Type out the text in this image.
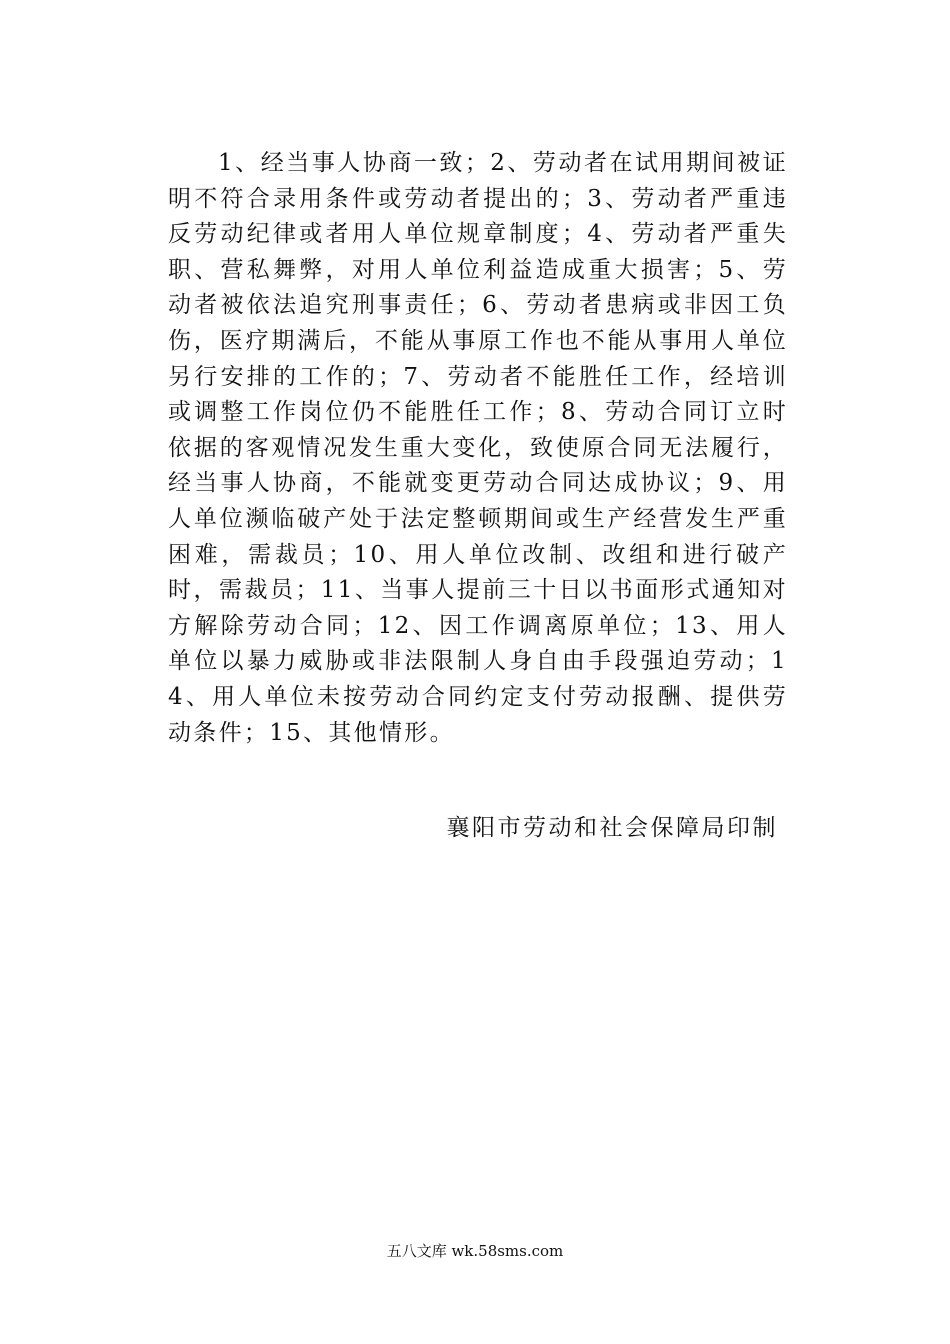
1、经当事人协商一致；2、劳动者在试用期间被证明不符合录用条件或劳动者提出的；3、劳动者严重违反劳动纪律或者用人单位规章制度；4、劳动者严重失职、营私舞弊，对用人单位利益造成重大损害；5、劳动者被依法追究刑事责任；6、劳动者患病或非因工负伤，医疗期满后，不能从事原工作也不能从事用人单位另行安排的工作的；7、劳动者不能胜任工作，经培训或调整工作岗位仍不能胜任工作；8、劳动合同订立时依据的客观情况发生重大变化，致使原合同无法履行，经当事人协商，不能就变更劳动合同达成协议；9、用人单位濒临破产处于法定整顿期间或生产经营发生严重困难，需裁员；10、用人单位改制、改组和进行破产时，需裁员；11、当事人提前三十日以书面形式通知对方解除劳动合同；12、因工作调离原单位；13、用人单位以暴力威胁或非法限制人身自由手段强迫劳动；14、用人单位未按劳动合同约定支付劳动报酬、提供劳动条件；15、其他情形。

襄阳市劳动和社会保障局印制

五八文库 wk.58sms.com
